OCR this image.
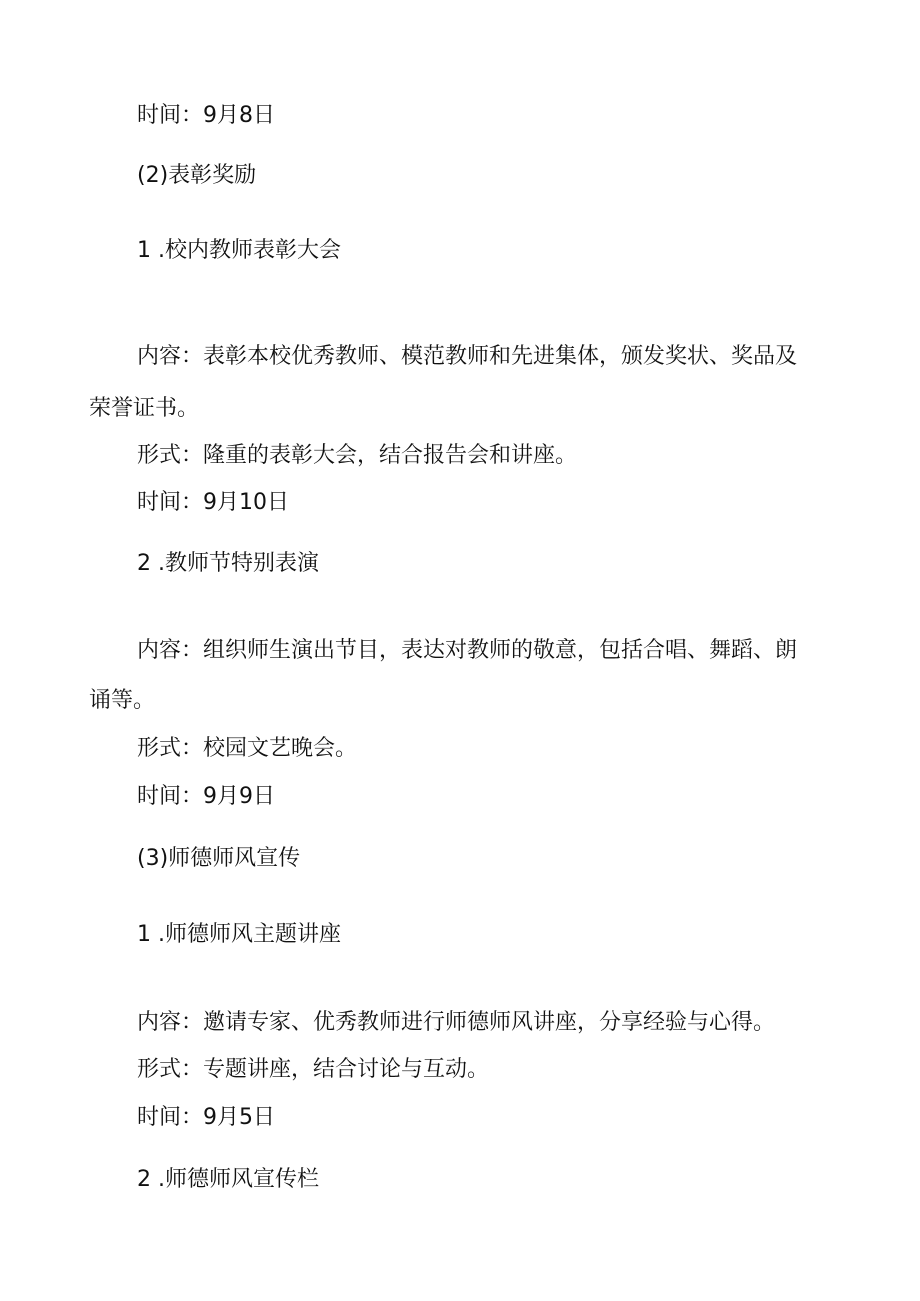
时间：9月8日
(2)表彰奖励
1 .校内教师表彰大会
内容：表彰本校优秀教师、模范教师和先进集体，颁发奖状、奖品及
荣誉证书。
形式：隆重的表彰大会，结合报告会和讲座。
时间：9月10日
2 .教师节特别表演
内容：组织师生演出节目，表达对教师的敬意，包括合唱、舞蹈、朗
诵等。
形式：校园文艺晚会。
时间：9月9日
(3)师德师风宣传
1 .师德师风主题讲座
内容：邀请专家、优秀教师进行师德师风讲座，分享经验与心得。
形式：专题讲座，结合讨论与互动。
时间：9月5日
2 .师德师风宣传栏
